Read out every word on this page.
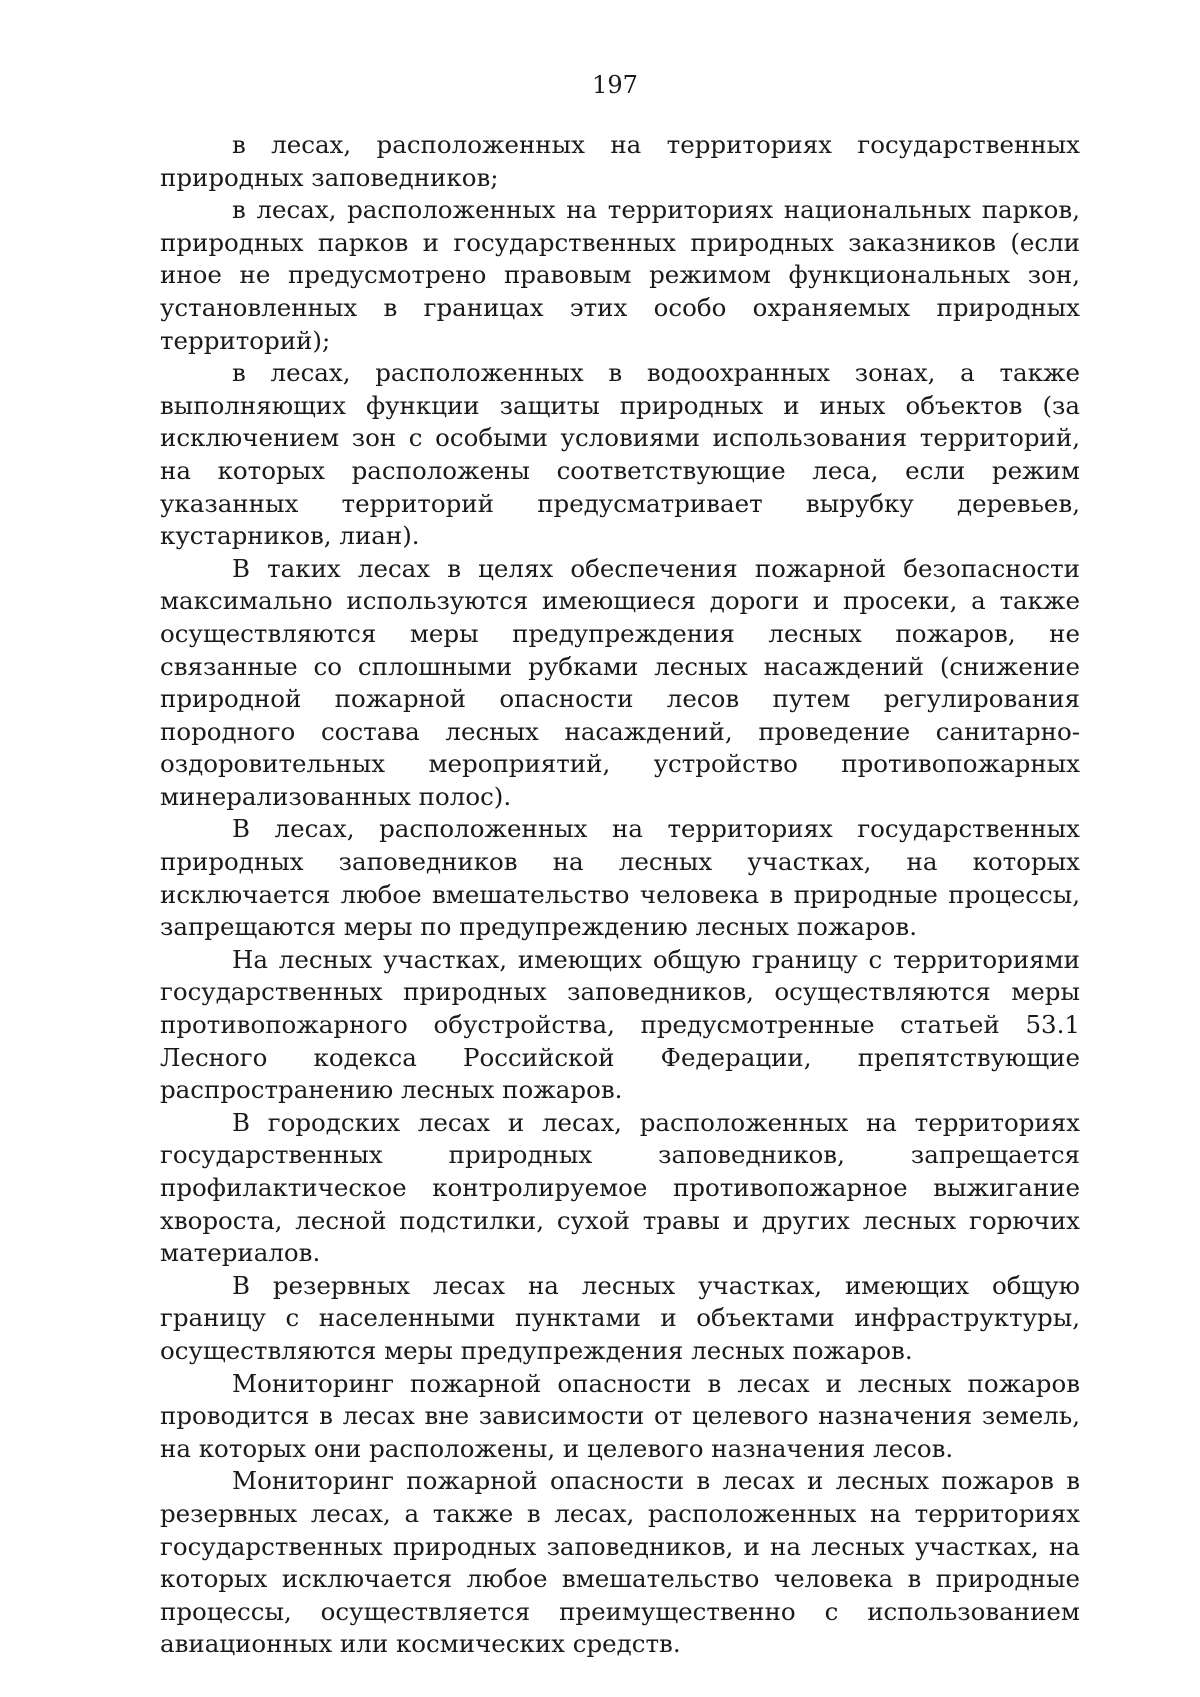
197

в лесах, расположенных на территориях государственных природных заповедников;

в лесах, расположенных на территориях национальных парков, природных парков и государственных природных заказников (если иное не предусмотрено правовым режимом функциональных зон, установленных в границах этих особо охраняемых природных территорий);

в лесах, расположенных в водоохранных зонах, а также выполняющих функции защиты природных и иных объектов (за исключением зон с особыми условиями использования территорий, на которых расположены соответствующие леса, если режим указанных территорий предусматривает вырубку деревьев, кустарников, лиан).

В таких лесах в целях обеспечения пожарной безопасности максимально используются имеющиеся дороги и просеки, а также осуществляются меры предупреждения лесных пожаров, не связанные со сплошными рубками лесных насаждений (снижение природной пожарной опасности лесов путем регулирования породного состава лесных насаждений, проведение санитарно-оздоровительных мероприятий, устройство противопожарных минерализованных полос).

В лесах, расположенных на территориях государственных природных заповедников на лесных участках, на которых исключается любое вмешательство человека в природные процессы, запрещаются меры по предупреждению лесных пожаров.

На лесных участках, имеющих общую границу с территориями государственных природных заповедников, осуществляются меры противопожарного обустройства, предусмотренные статьей 53.1 Лесного кодекса Российской Федерации, препятствующие распространению лесных пожаров.

В городских лесах и лесах, расположенных на территориях государственных природных заповедников, запрещается профилактическое контролируемое противопожарное выжигание хвороста, лесной подстилки, сухой травы и других лесных горючих материалов.

В резервных лесах на лесных участках, имеющих общую границу с населенными пунктами и объектами инфраструктуры, осуществляются меры предупреждения лесных пожаров.

Мониторинг пожарной опасности в лесах и лесных пожаров проводится в лесах вне зависимости от целевого назначения земель, на которых они расположены, и целевого назначения лесов.

Мониторинг пожарной опасности в лесах и лесных пожаров в резервных лесах, а также в лесах, расположенных на территориях государственных природных заповедников, и на лесных участках, на которых исключается любое вмешательство человека в природные процессы, осуществляется преимущественно с использованием авиационных или космических средств.
